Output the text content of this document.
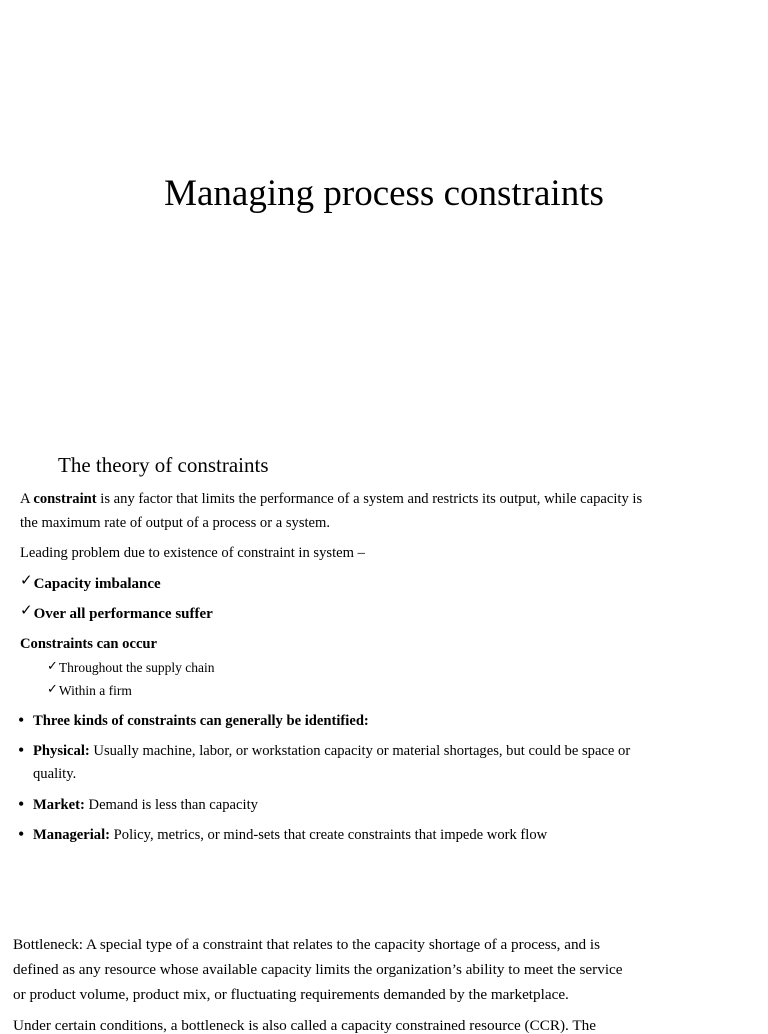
Managing process constraints
The theory of constraints
A constraint is any factor that limits the performance of a system and restricts its output, while capacity is
the maximum rate of output of a process or a system.
Leading problem due to existence of constraint in system –
✓Capacity imbalance
✓Over all performance suffer
Constraints can occur
✓Throughout the supply chain
✓Within a firm
• Three kinds of constraints can generally be identified:
• Physical: Usually machine, labor, or workstation capacity or material shortages, but could be space or
quality.
• Market: Demand is less than capacity
• Managerial: Policy, metrics, or mind-sets that create constraints that impede work flow
Bottleneck: A special type of a constraint that relates to the capacity shortage of a process, and is
defined as any resource whose available capacity limits the organization’s ability to meet the service
or product volume, product mix, or fluctuating requirements demanded by the marketplace.
Under certain conditions, a bottleneck is also called a capacity constrained resource (CCR). The
